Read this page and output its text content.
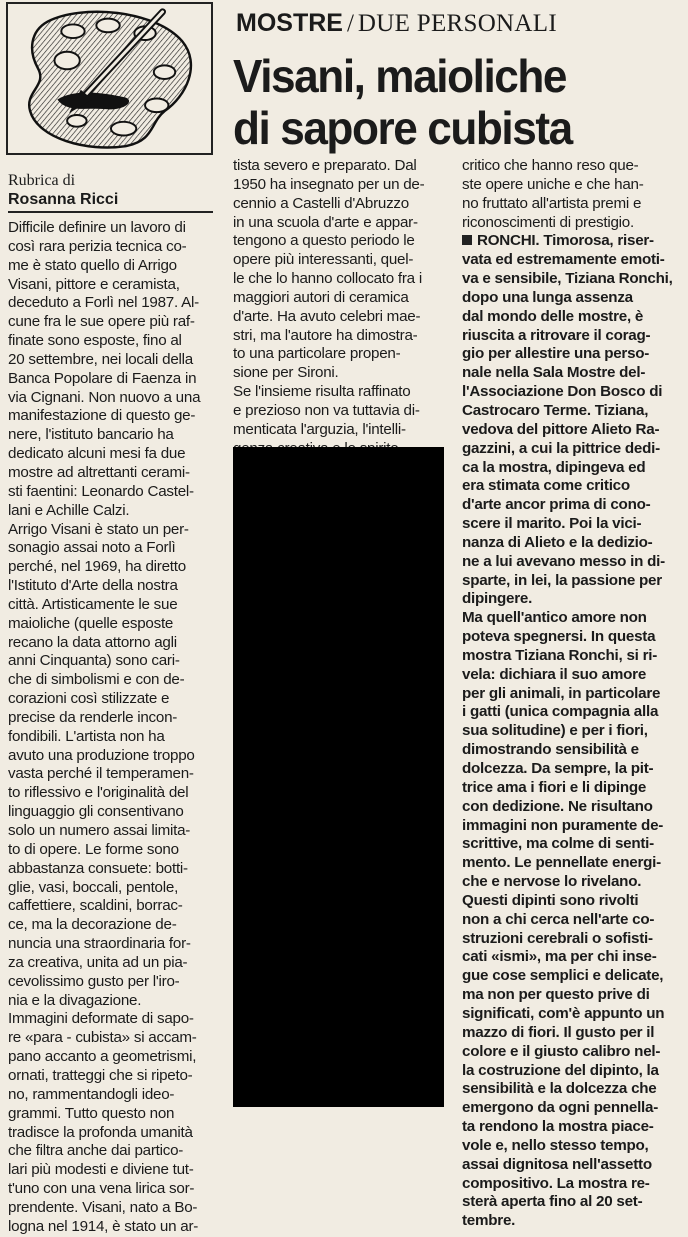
MOSTRE / DUE PERSONALI
Visani, maioliche
di sapore cubista
Rubrica di
Rosanna Ricci
Difficile definire un lavoro di
così rara perizia tecnica co-
me è stato quello di Arrigo
Visani, pittore e ceramista,
deceduto a Forlì nel 1987. Al-
cune fra le sue opere più raf-
finate sono esposte, fino al
20 settembre, nei locali della
Banca Popolare di Faenza in
via Cignani. Non nuovo a una
manifestazione di questo ge-
nere, l'istituto bancario ha
dedicato alcuni mesi fa due
mostre ad altrettanti cerami-
sti faentini: Leonardo Castel-
lani e Achille Calzi.
Arrigo Visani è stato un per-
sonagio assai noto a Forlì
perché, nel 1969, ha diretto
l'Istituto d'Arte della nostra
città. Artisticamente le sue
maioliche (quelle esposte
recano la data attorno agli
anni Cinquanta) sono cari-
che di simbolismi e con de-
corazioni così stilizzate e
precise da renderle incon-
fondibili. L'artista non ha
avuto una produzione troppo
vasta perché il temperamen-
to riflessivo e l'originalità del
linguaggio gli consentivano
solo un numero assai limita-
to di opere. Le forme sono
abbastanza consuete: botti-
glie, vasi, boccali, pentole,
caffettiere, scaldini, borrac-
ce, ma la decorazione de-
nuncia una straordinaria for-
za creativa, unita ad un pia-
cevolissimo gusto per l'iro-
nia e la divagazione.
Immagini deformate di sapo-
re «para - cubista» si accam-
pano accanto a geometrismi,
ornati, tratteggi che si ripeto-
no, rammentandogli ideo-
grammi. Tutto questo non
tradisce la profonda umanità
che filtra anche dai partico-
lari più modesti e diviene tut-
t'uno con una vena lirica sor-
prendente. Visani, nato a Bo-
logna nel 1914, è stato un ar-
tista severo e preparato. Dal
1950 ha insegnato per un de-
cennio a Castelli d'Abruzzo
in una scuola d'arte e appar-
tengono a questo periodo le
opere più interessanti, quel-
le che lo hanno collocato fra i
maggiori autori di ceramica
d'arte. Ha avuto celebri mae-
stri, ma l'autore ha dimostra-
to una particolare propen-
sione per Sironi.
Se l'insieme risulta raffinato
e prezioso non va tuttavia di-
menticata l'arguzia, l'intelli-
critico che hanno reso que-
ste opere uniche e che han-
no fruttato all'artista premi e
riconoscimenti di prestigio.
RONCHI. Timorosa, riser-
vata ed estremamente emoti-
va e sensibile, Tiziana Ronchi,
dopo una lunga assenza
dal mondo delle mostre, è
riuscita a ritrovare il corag-
gio per allestire una perso-
nale nella Sala Mostre del-
l'Associazione Don Bosco di
Castrocaro Terme. Tiziana,
vedova del pittore Alieto Ra-
gazzini, a cui la pittrice dedi-
ca la mostra, dipingeva ed
era stimata come critico
d'arte ancor prima di cono-
scere il marito. Poi la vici-
nanza di Alieto e la dedizio-
ne a lui avevano messo in di-
sparte, in lei, la passione per
dipingere.
Ma quell'antico amore non
poteva spegnersi. In questa
mostra Tiziana Ronchi, si ri-
vela: dichiara il suo amore
per gli animali, in particolare
i gatti (unica compagnia alla
sua solitudine) e per i fiori,
dimostrando sensibilità e
dolcezza. Da sempre, la pit-
trice ama i fiori e li dipinge
con dedizione. Ne risultano
immagini non puramente de-
scrittive, ma colme di senti-
mento. Le pennellate energi-
che e nervose lo rivelano.
Questi dipinti sono rivolti
non a chi cerca nell'arte co-
struzioni cerebrali o sofisti-
cati «ismi», ma per chi inse-
gue cose semplici e delicate,
ma non per questo prive di
significati, com'è appunto un
mazzo di fiori. Il gusto per il
colore e il giusto calibro nel-
la costruzione del dipinto, la
sensibilità e la dolcezza che
emergono da ogni pennella-
ta rendono la mostra piace-
vole e, nello stesso tempo,
assai dignitosa nell'assetto
compositivo. La mostra re-
sterà aperta fino al 20 set-
tembre.
